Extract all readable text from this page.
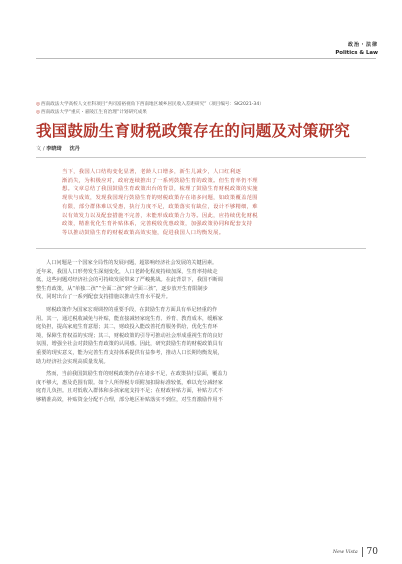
政治・法律
Politics & Law
◎西南政法大学高校人文社科项目“共同富裕视角下西南地区城乡居民收入差距研究”（项目编号：SK2021-34）
◎西南政法大学“重庆・嘉陵江生育治理”计划研究成果
我国鼓励生育财税政策存在的问题及对策研究
文 / 李晓琦 沈丹
当下，我国人口结构变化显著，老龄人口增多，新生儿减少，人口红利逐
渐消失，为积极应对，政府连续推出了一系列鼓励生育的政策。但生育率仍不理
想。文章总结了我国鼓励生育政策出台的背景，梳理了鼓励生育财税政策的实施
现状与成效，发现我国现行鼓励生育的财税政策存在诸多问题，如政策覆盖范围
有限，部分群体难以受惠，执行力度不足，政策落实有缺位，设计不够精细，难
以有效发力以及配套措施不完善，未能形成政策合力等。因此，应持续优化财税
政策，精准优化生育补贴体系，完善税收优惠政策，加强政策协同和配套支持
等以推动鼓励生育的财税政策高效实施，促进我国人口均衡发展。
人口问题是一个国家全局性的发展问题，超影响经济社会发展的关键因素。
近年来，我国人口形势发生深刻变化，人口老龄化程度持续加深，生育率持续走
低，这些问题对经济社会的可持续发展带来了严峻挑战。在此背景下，我国不断调
整生育政策，从“单独二孩”“全面二孩”到“全面三孩”，逐步放开生育限制步
伐，同时出台了一系列配套支持措施以推动生育水平提升。
财税政策作为国家宏观调控的重要手段，在鼓励生育方面具有举足轻重的作
用。其一，通过税收减免与补贴，能直接减轻家庭生育、养育、教育成本，缓解家
庭负担，提高家庭生育意愿；其二，财政投入能改善托育服务供给，优化生育环
境，保障生育权益的实现；其三，财税政策的引导可推动社会形成重视生育的良好
氛围，增强全社会对鼓励生育政策的认同感。因此，研究鼓励生育的财税政策具有
重要的现实意义，能为完善生育支持体系提供有益参考，推动人口长期均衡发展，
助力经济社会实现高质量发展。
然而，当前我国鼓励生育的财税政策仍存在诸多不足，在政策执行层面，覆盖力
度不够大，惠及范围有限。如个人所得税专项附加扣除标准较低，难以充分减轻家
庭育儿负担。且对低收入群体和多孩家庭支持不足；在财政补贴方面，补贴方式不
够精准高效，补贴资金分配不合理，部分地区补贴落实不到位，对生育激励作用不
New Vista 70
